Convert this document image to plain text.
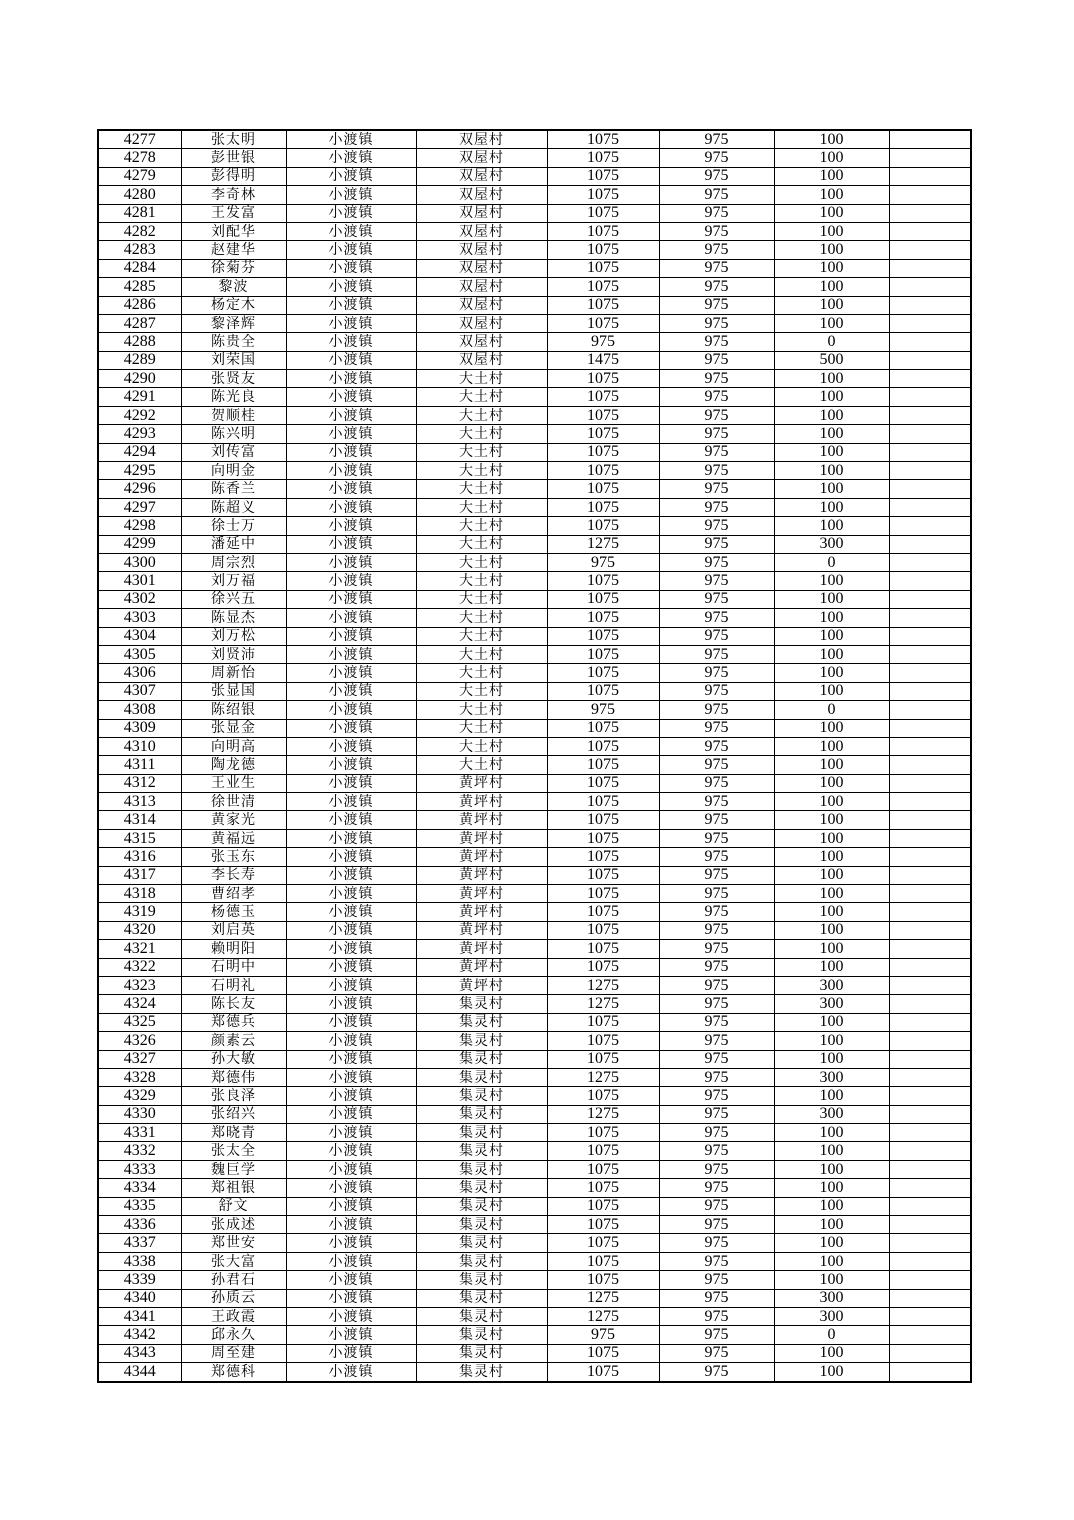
4277	张太明	小渡镇	双屋村	1075	975	100	
4278	彭世银	小渡镇	双屋村	1075	975	100	
4279	彭得明	小渡镇	双屋村	1075	975	100	
4280	李奇林	小渡镇	双屋村	1075	975	100	
4281	王发富	小渡镇	双屋村	1075	975	100	
4282	刘配华	小渡镇	双屋村	1075	975	100	
4283	赵建华	小渡镇	双屋村	1075	975	100	
4284	徐菊芬	小渡镇	双屋村	1075	975	100	
4285	黎波	小渡镇	双屋村	1075	975	100	
4286	杨定木	小渡镇	双屋村	1075	975	100	
4287	黎泽辉	小渡镇	双屋村	1075	975	100	
4288	陈贵全	小渡镇	双屋村	975	975	0	
4289	刘荣国	小渡镇	双屋村	1475	975	500	
4290	张贤友	小渡镇	大土村	1075	975	100	
4291	陈光良	小渡镇	大土村	1075	975	100	
4292	贺顺桂	小渡镇	大土村	1075	975	100	
4293	陈兴明	小渡镇	大土村	1075	975	100	
4294	刘传富	小渡镇	大土村	1075	975	100	
4295	向明金	小渡镇	大土村	1075	975	100	
4296	陈香兰	小渡镇	大土村	1075	975	100	
4297	陈超义	小渡镇	大土村	1075	975	100	
4298	徐士万	小渡镇	大土村	1075	975	100	
4299	潘延中	小渡镇	大土村	1275	975	300	
4300	周宗烈	小渡镇	大土村	975	975	0	
4301	刘万福	小渡镇	大土村	1075	975	100	
4302	徐兴五	小渡镇	大土村	1075	975	100	
4303	陈显杰	小渡镇	大土村	1075	975	100	
4304	刘万松	小渡镇	大土村	1075	975	100	
4305	刘贤沛	小渡镇	大土村	1075	975	100	
4306	周新怡	小渡镇	大土村	1075	975	100	
4307	张显国	小渡镇	大土村	1075	975	100	
4308	陈绍银	小渡镇	大土村	975	975	0	
4309	张显金	小渡镇	大土村	1075	975	100	
4310	向明高	小渡镇	大土村	1075	975	100	
4311	陶龙德	小渡镇	大土村	1075	975	100	
4312	王业生	小渡镇	黄坪村	1075	975	100	
4313	徐世清	小渡镇	黄坪村	1075	975	100	
4314	黄家光	小渡镇	黄坪村	1075	975	100	
4315	黄福远	小渡镇	黄坪村	1075	975	100	
4316	张玉东	小渡镇	黄坪村	1075	975	100	
4317	李长寿	小渡镇	黄坪村	1075	975	100	
4318	曹绍孝	小渡镇	黄坪村	1075	975	100	
4319	杨德玉	小渡镇	黄坪村	1075	975	100	
4320	刘启英	小渡镇	黄坪村	1075	975	100	
4321	赖明阳	小渡镇	黄坪村	1075	975	100	
4322	石明中	小渡镇	黄坪村	1075	975	100	
4323	石明礼	小渡镇	黄坪村	1275	975	300	
4324	陈长友	小渡镇	集灵村	1275	975	300	
4325	郑德兵	小渡镇	集灵村	1075	975	100	
4326	颜素云	小渡镇	集灵村	1075	975	100	
4327	孙大敏	小渡镇	集灵村	1075	975	100	
4328	郑德伟	小渡镇	集灵村	1275	975	300	
4329	张良泽	小渡镇	集灵村	1075	975	100	
4330	张绍兴	小渡镇	集灵村	1275	975	300	
4331	郑晓青	小渡镇	集灵村	1075	975	100	
4332	张太全	小渡镇	集灵村	1075	975	100	
4333	魏巨学	小渡镇	集灵村	1075	975	100	
4334	郑祖银	小渡镇	集灵村	1075	975	100	
4335	舒文	小渡镇	集灵村	1075	975	100	
4336	张成述	小渡镇	集灵村	1075	975	100	
4337	郑世安	小渡镇	集灵村	1075	975	100	
4338	张大富	小渡镇	集灵村	1075	975	100	
4339	孙君石	小渡镇	集灵村	1075	975	100	
4340	孙质云	小渡镇	集灵村	1275	975	300	
4341	王政霞	小渡镇	集灵村	1275	975	300	
4342	邱永久	小渡镇	集灵村	975	975	0	
4343	周至建	小渡镇	集灵村	1075	975	100	
4344	郑德科	小渡镇	集灵村	1075	975	100	
